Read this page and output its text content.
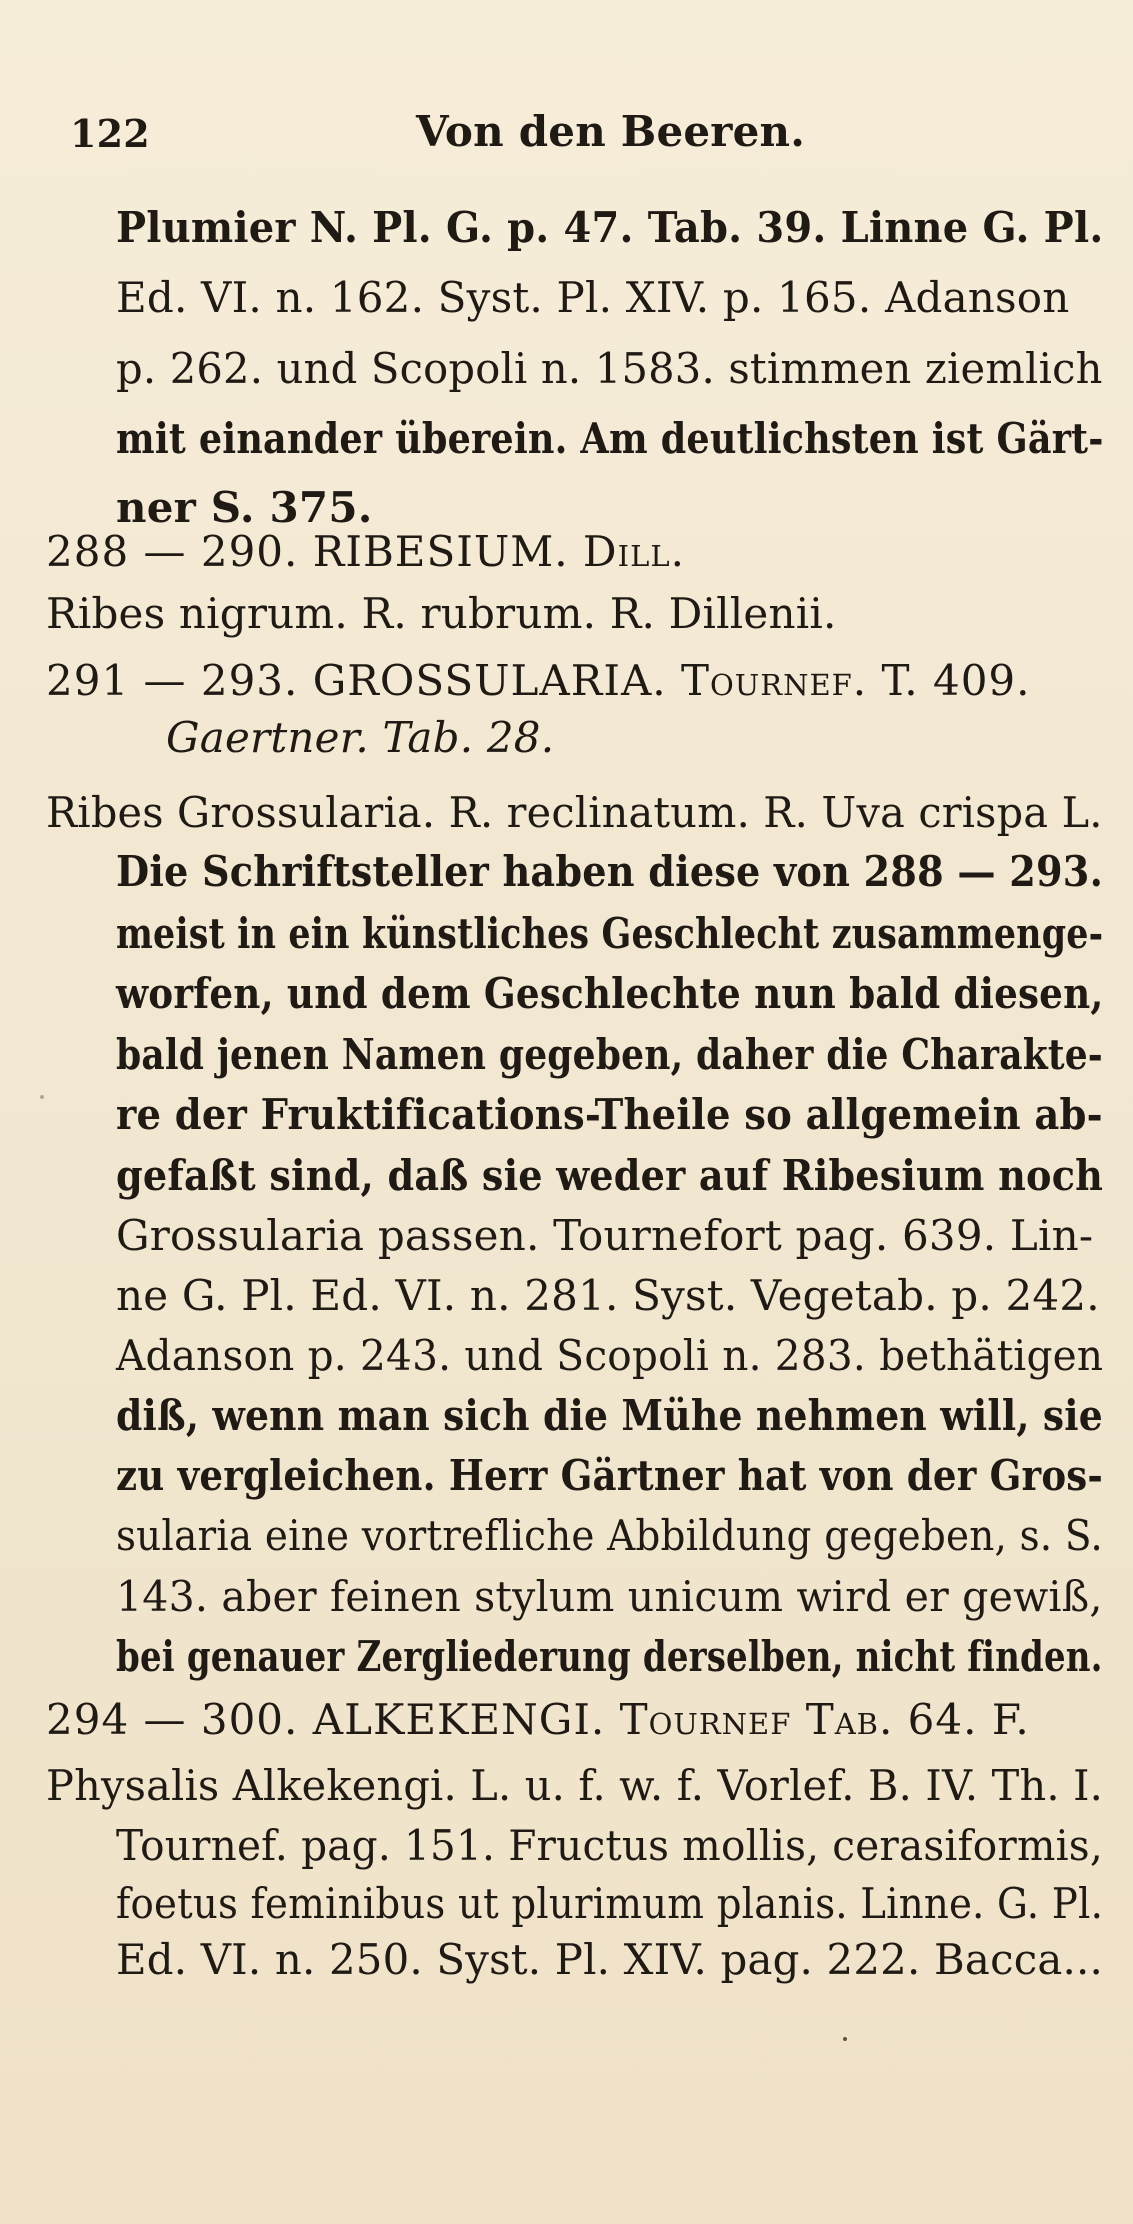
122	Von den Beeren.
Plumier N. Pl. G. p. 47. Tab. 39. Linne G. Pl.
Ed. VI. n. 162. Syst. Pl. XIV. p. 165. Adanson
p. 262. und Scopoli n. 1583. stimmen ziemlich
mit einander überein. Am deutlichsten ist Gärt-
ner S. 375.
288 — 290. RIBESIUM. Dill.
Ribes nigrum. R. rubrum. R. Dillenii.
291 — 293. GROSSULARIA. Tournef. T. 409.
Gaertner. Tab. 28.
Ribes Grossularia. R. reclinatum. R. Uva crispa L.
Die Schriftsteller haben diese von 288 — 293.
meist in ein künstliches Geschlecht zusammenge-
worfen, und dem Geschlechte nun bald diesen,
bald jenen Namen gegeben, daher die Charakte-
re der Fruktifications-Theile so allgemein ab-
gefaßt sind, daß sie weder auf Ribesium noch
Grossularia passen. Tournefort pag. 639. Lin-
ne G. Pl. Ed. VI. n. 281. Syst. Vegetab. p. 242.
Adanson p. 243. und Scopoli n. 283. bethätigen
diß, wenn man sich die Mühe nehmen will, sie
zu vergleichen. Herr Gärtner hat von der Gros-
sularia eine vortrefliche Abbildung gegeben, s. S.
143. aber feinen stylum unicum wird er gewiß,
bei genauer Zergliederung derselben, nicht finden.
294 — 300. ALKEKENGI. Tournef Tab. 64. F.
Physalis Alkekengi. L. u. f. w. f. Vorlef. B. IV. Th. I.
Tournef. pag. 151. Fructus mollis, cerasiformis,
foetus feminibus ut plurimum planis. Linne. G. Pl.
Ed. VI. n. 250. Syst. Pl. XIV. pag. 222. Bacca...
